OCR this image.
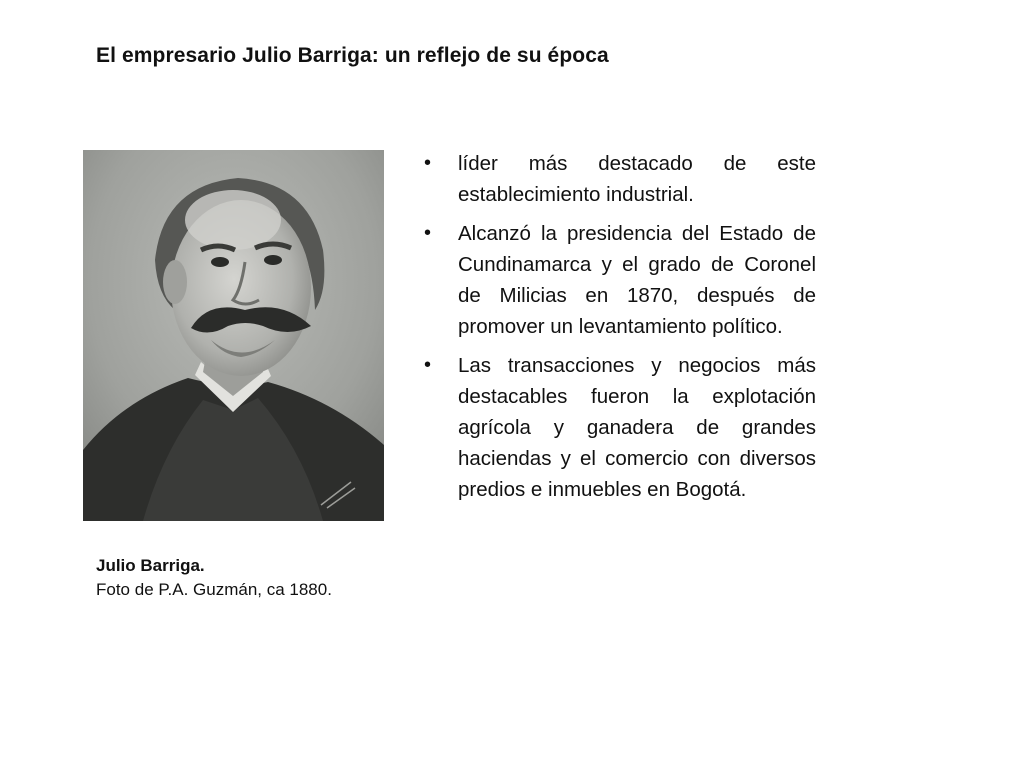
El empresario Julio Barriga: un reflejo de su época
Julio Barriga.
Foto de P.A. Guzmán, ca 1880.
• líder más destacado de este establecimiento industrial.
• Alcanzó la presidencia del Estado de Cundinamarca y el grado de Coronel de Milicias en 1870, después de promover un levantamiento político.
• Las transacciones y negocios más destacables fueron la explotación agrícola y ganadera de grandes haciendas y el comercio con diversos predios e inmuebles en Bogotá.
